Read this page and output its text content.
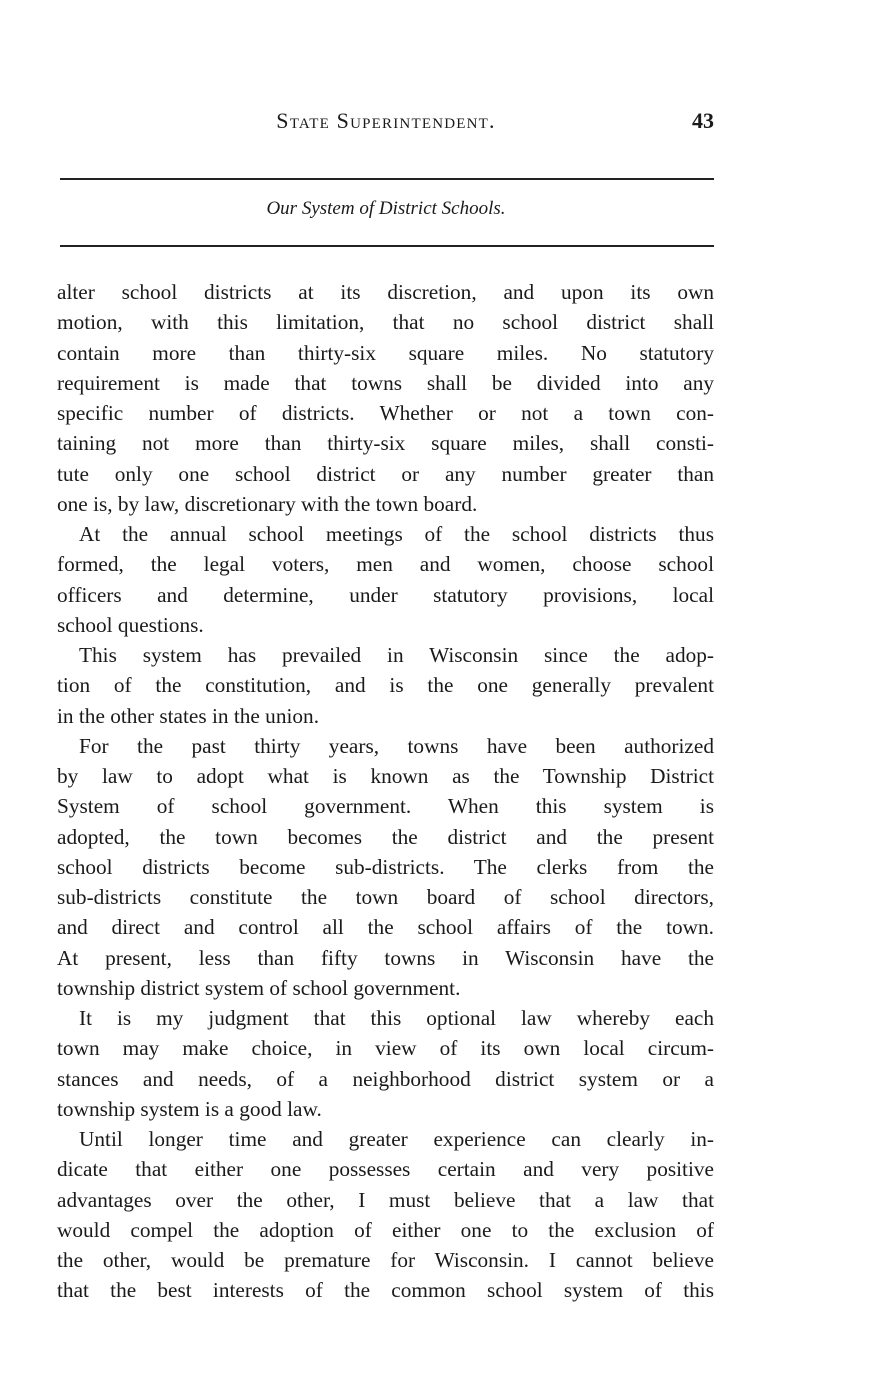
State Superintendent.	43
Our System of District Schools.
alter school districts at its discretion, and upon its own
motion, with this limitation, that no school district shall
contain more than thirty-six square miles. No statutory
requirement is made that towns shall be divided into any
specific number of districts. Whether or not a town con-
taining not more than thirty-six square miles, shall consti-
tute only one school district or any number greater than
one is, by law, discretionary with the town board.
At the annual school meetings of the school districts thus
formed, the legal voters, men and women, choose school
officers and determine, under statutory provisions, local
school questions.
This system has prevailed in Wisconsin since the adop-
tion of the constitution, and is the one generally prevalent
in the other states in the union.
For the past thirty years, towns have been authorized
by law to adopt what is known as the Township District
System of school government. When this system is
adopted, the town becomes the district and the present
school districts become sub-districts. The clerks from the
sub-districts constitute the town board of school directors,
and direct and control all the school affairs of the town.
At present, less than fifty towns in Wisconsin have the
township district system of school government.
It is my judgment that this optional law whereby each
town may make choice, in view of its own local circum-
stances and needs, of a neighborhood district system or a
township system is a good law.
Until longer time and greater experience can clearly in-
dicate that either one possesses certain and very positive
advantages over the other, I must believe that a law that
would compel the adoption of either one to the exclusion of
the other, would be premature for Wisconsin. I cannot believe
that the best interests of the common school system of this
